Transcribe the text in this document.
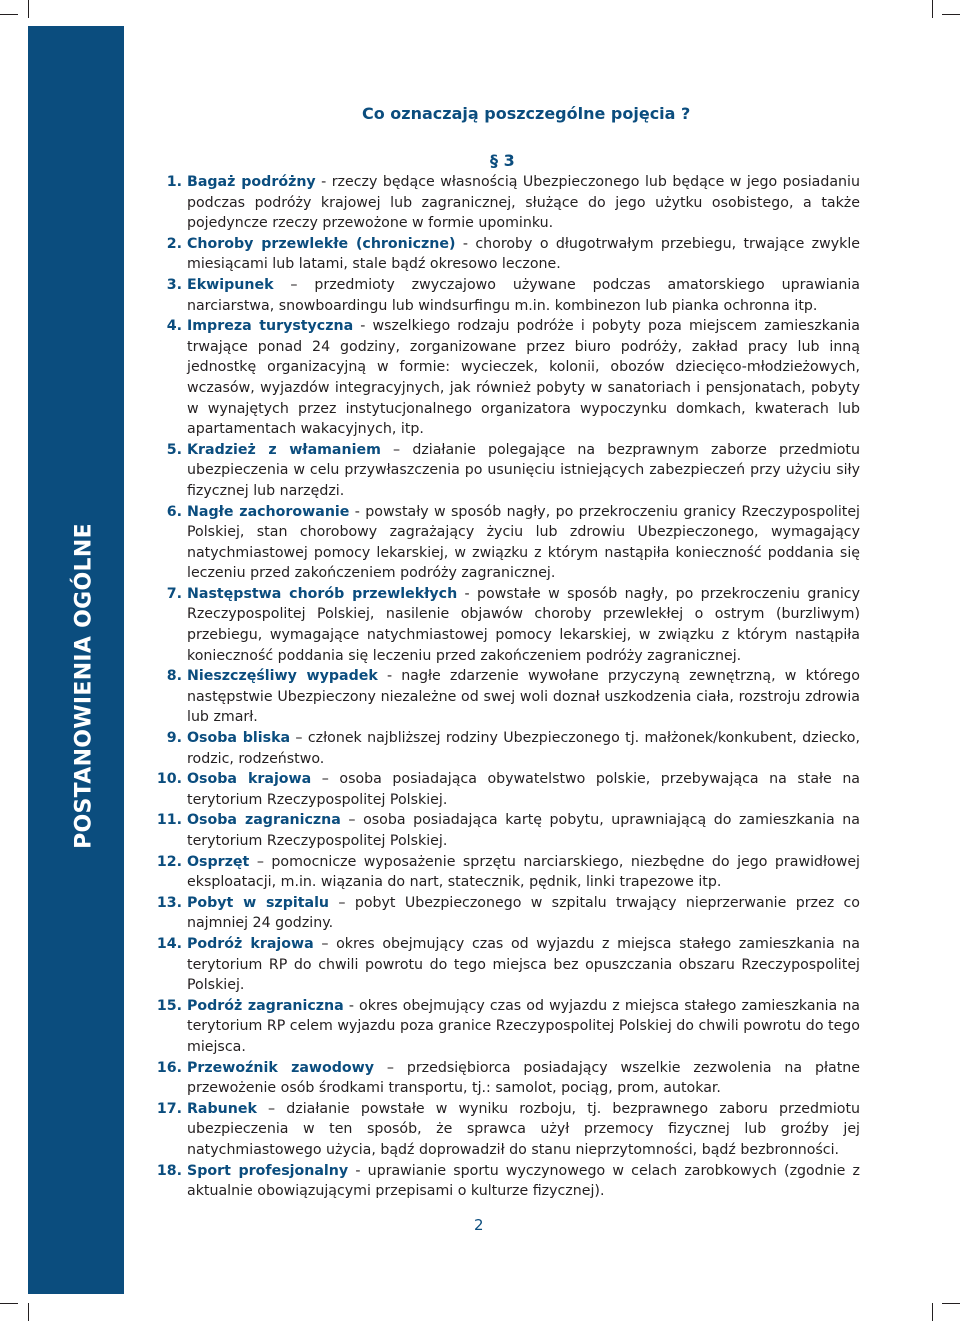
POSTANOWIENIA OGÓLNE
Co oznaczają poszczególne pojęcia ?
§ 3
1. Bagaż podróżny - rzeczy będące własnością Ubezpieczonego lub będące w jego posiadaniu podczas podróży krajowej lub zagranicznej, służące do jego użytku osobistego, a także pojedyncze rzeczy przewożone w formie upominku.
2. Choroby przewlekłe (chroniczne) - choroby o długotrwałym przebiegu, trwające zwykle miesiącami lub latami, stale bądź okresowo leczone.
3. Ekwipunek – przedmioty zwyczajowo używane podczas amatorskiego uprawiania narciarstwa, snowboardingu lub windsurfingu m.in. kombinezon lub pianka ochronna itp.
4. Impreza turystyczna - wszelkiego rodzaju podróże i pobyty poza miejscem zamieszkania trwające ponad 24 godziny, zorganizowane przez biuro podróży, zakład pracy lub inną jednostkę organizacyjną w formie: wycieczek, kolonii, obozów dziecięco-młodzieżowych, wczasów, wyjazdów integracyjnych, jak również pobyty w sanatoriach i pensjonatach, pobyty w wynajętych przez instytucjonalnego organizatora wypoczynku domkach, kwaterach lub apartamentach wakacyjnych, itp.
5. Kradzież z włamaniem – działanie polegające na bezprawnym zaborze przedmiotu ubezpieczenia w celu przywłaszczenia po usunięciu istniejących zabezpieczeń przy użyciu siły fizycznej lub narzędzi.
6. Nagłe zachorowanie - powstały w sposób nagły, po przekroczeniu granicy Rzeczypospolitej Polskiej, stan chorobowy zagrażający życiu lub zdrowiu Ubezpieczonego, wymagający natychmiastowej pomocy lekarskiej, w związku z którym nastąpiła konieczność poddania się leczeniu przed zakończeniem podróży zagranicznej.
7. Następstwa chorób przewlekłych - powstałe w sposób nagły, po przekroczeniu granicy Rzeczypospolitej Polskiej, nasilenie objawów choroby przewlekłej o ostrym (burzliwym) przebiegu, wymagające natychmiastowej pomocy lekarskiej, w związku z którym nastąpiła konieczność poddania się leczeniu przed zakończeniem podróży zagranicznej.
8. Nieszczęśliwy wypadek - nagłe zdarzenie wywołane przyczyną zewnętrzną, w którego następstwie Ubezpieczony niezależne od swej woli doznał uszkodzenia ciała, rozstroju zdrowia lub zmarł.
9. Osoba bliska – członek najbliższej rodziny Ubezpieczonego tj. małżonek/konkubent, dziecko, rodzic, rodzeństwo.
10. Osoba krajowa – osoba posiadająca obywatelstwo polskie, przebywająca na stałe na terytorium Rzeczypospolitej Polskiej.
11. Osoba zagraniczna – osoba posiadająca kartę pobytu, uprawniającą do zamieszkania na terytorium Rzeczypospolitej Polskiej.
12. Osprzęt – pomocnicze wyposażenie sprzętu narciarskiego, niezbędne do jego prawidłowej eksploatacji, m.in. wiązania do nart, statecznik, pędnik, linki trapezowe itp.
13. Pobyt w szpitalu – pobyt Ubezpieczonego w szpitalu trwający nieprzerwanie przez co najmniej 24 godziny.
14. Podróż krajowa – okres obejmujący czas od wyjazdu z miejsca stałego zamieszkania na terytorium RP do chwili powrotu do tego miejsca bez opuszczania obszaru Rzeczypospolitej Polskiej.
15. Podróż zagraniczna - okres obejmujący czas od wyjazdu z miejsca stałego zamieszkania na terytorium RP celem wyjazdu poza granice Rzeczypospolitej Polskiej do chwili powrotu do tego miejsca.
16. Przewoźnik zawodowy – przedsiębiorca posiadający wszelkie zezwolenia na płatne przewożenie osób środkami transportu, tj.: samolot, pociąg, prom, autokar.
17. Rabunek – działanie powstałe w wyniku rozboju, tj. bezprawnego zaboru przedmiotu ubezpieczenia w ten sposób, że sprawca użył przemocy fizycznej lub groźby jej natychmiastowego użycia, bądź doprowadził do stanu nieprzytomności, bądź bezbronności.
18. Sport profesjonalny - uprawianie sportu wyczynowego w celach zarobkowych (zgodnie z aktualnie obowiązującymi przepisami o kulturze fizycznej).
2
